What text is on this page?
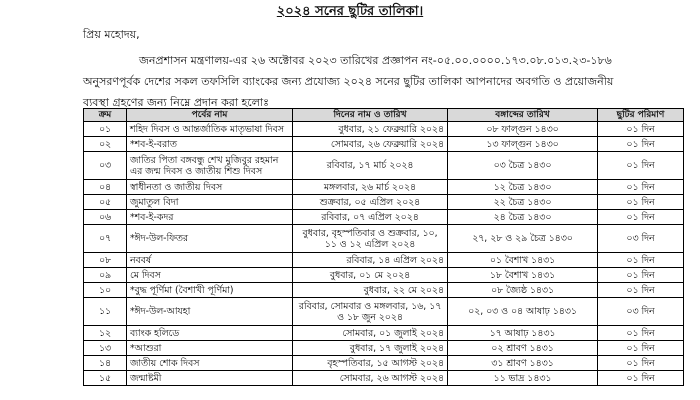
২০২৪ সনের ছুটির তালিকা।
প্রিয় মহোদয়,
জনপ্রশাসন মন্ত্রণালয়-এর ২৬ অক্টোবর ২০২৩ তারিখের প্রজ্ঞাপন নং-০৫.০০.০০০০.১৭৩.০৮.০১৩.২৩-১৮৬
অনুসরণপূর্বক দেশের সকল তফসিলি ব্যাংকের জন্য প্রযোজ্য ২০২৪ সনের ছুটির তালিকা আপনাদের অবগতি ও প্রয়োজনীয়
ব্যবস্থা গ্রহণের জন্য নিম্নে প্রদান করা হলোঃ
ক্রম	পর্বের নাম	দিনের নাম ও তারিখ	বঙ্গাব্দের তারিখ	ছুটির পরিমাণ
০১	শহিদ দিবস ও আন্তর্জাতিক মাতৃভাষা দিবস	বুধবার, ২১ ফেব্রুয়ারি ২০২৪	০৮ ফাল্গুন ১৪৩০	০১ দিন
০২	*শব-ই-বরাত	সোমবার, ২৬ ফেব্রুয়ারি ২০২৪	১৩ ফাল্গুন ১৪৩০	০১ দিন
০৩	জাতির পিতা বঙ্গবন্ধু শেখ মুজিবুর রহমান এর জন্ম দিবস ও জাতীয় শিশু দিবস	রবিবার, ১৭ মার্চ ২০২৪	০৩ চৈত্র ১৪৩০	০১ দিন
০৪	স্বাধীনতা ও জাতীয় দিবস	মঙ্গলবার, ২৬ মার্চ ২০২৪	১২ চৈত্র ১৪৩০	০১ দিন
০৫	জুমাতুল বিদা	শুক্রবার, ০৫ এপ্রিল ২০২৪	২২ চৈত্র ১৪৩০	০১ দিন
০৬	*শব-ই-কদর	রবিবার, ০৭ এপ্রিল ২০২৪	২৪ চৈত্র ১৪৩০	০১ দিন
০৭	*ঈদ-উল-ফিতর	বুধবার, বৃহস্পতিবার ও শুক্রবার, ১০, ১১ ও ১২ এপ্রিল ২০২৪	২৭, ২৮ ও ২৯ চৈত্র ১৪৩০	০৩ দিন
০৮	নববর্ষ	রবিবার, ১৪ এপ্রিল ২০২৪	০১ বৈশাখ ১৪৩১	০১ দিন
০৯	মে দিবস	বুধবার, ০১ মে ২০২৪	১৮ বৈশাখ ১৪৩১	০১ দিন
১০	*বুদ্ধ পূর্ণিমা (বৈশাখী পূর্ণিমা)	বুধবার, ২২ মে ২০২৪	০৮ জ্যৈষ্ঠ ১৪৩১	০১ দিন
১১	*ঈদ-উল-আযহা	রবিবার, সোমবার ও মঙ্গলবার, ১৬, ১৭ ও ১৮ জুন ২০২৪	০২, ০৩ ও ০৪ আষাঢ় ১৪৩১	০৩ দিন
১২	ব্যাংক হলিডে	সোমবার, ০১ জুলাই ২০২৪	১৭ আষাঢ় ১৪৩১	০১ দিন
১৩	*আশুরা	বুধবার, ১৭ জুলাই ২০২৪	০২ শ্রাবণ ১৪৩১	০১ দিন
১৪	জাতীয় শোক দিবস	বৃহস্পতিবার, ১৫ আগস্ট ২০২৪	৩১ শ্রাবণ ১৪৩১	০১ দিন
১৫	জন্মাষ্টমী	সোমবার, ২৬ আগস্ট ২০২৪	১১ ভাদ্র ১৪৩১	০১ দিন
